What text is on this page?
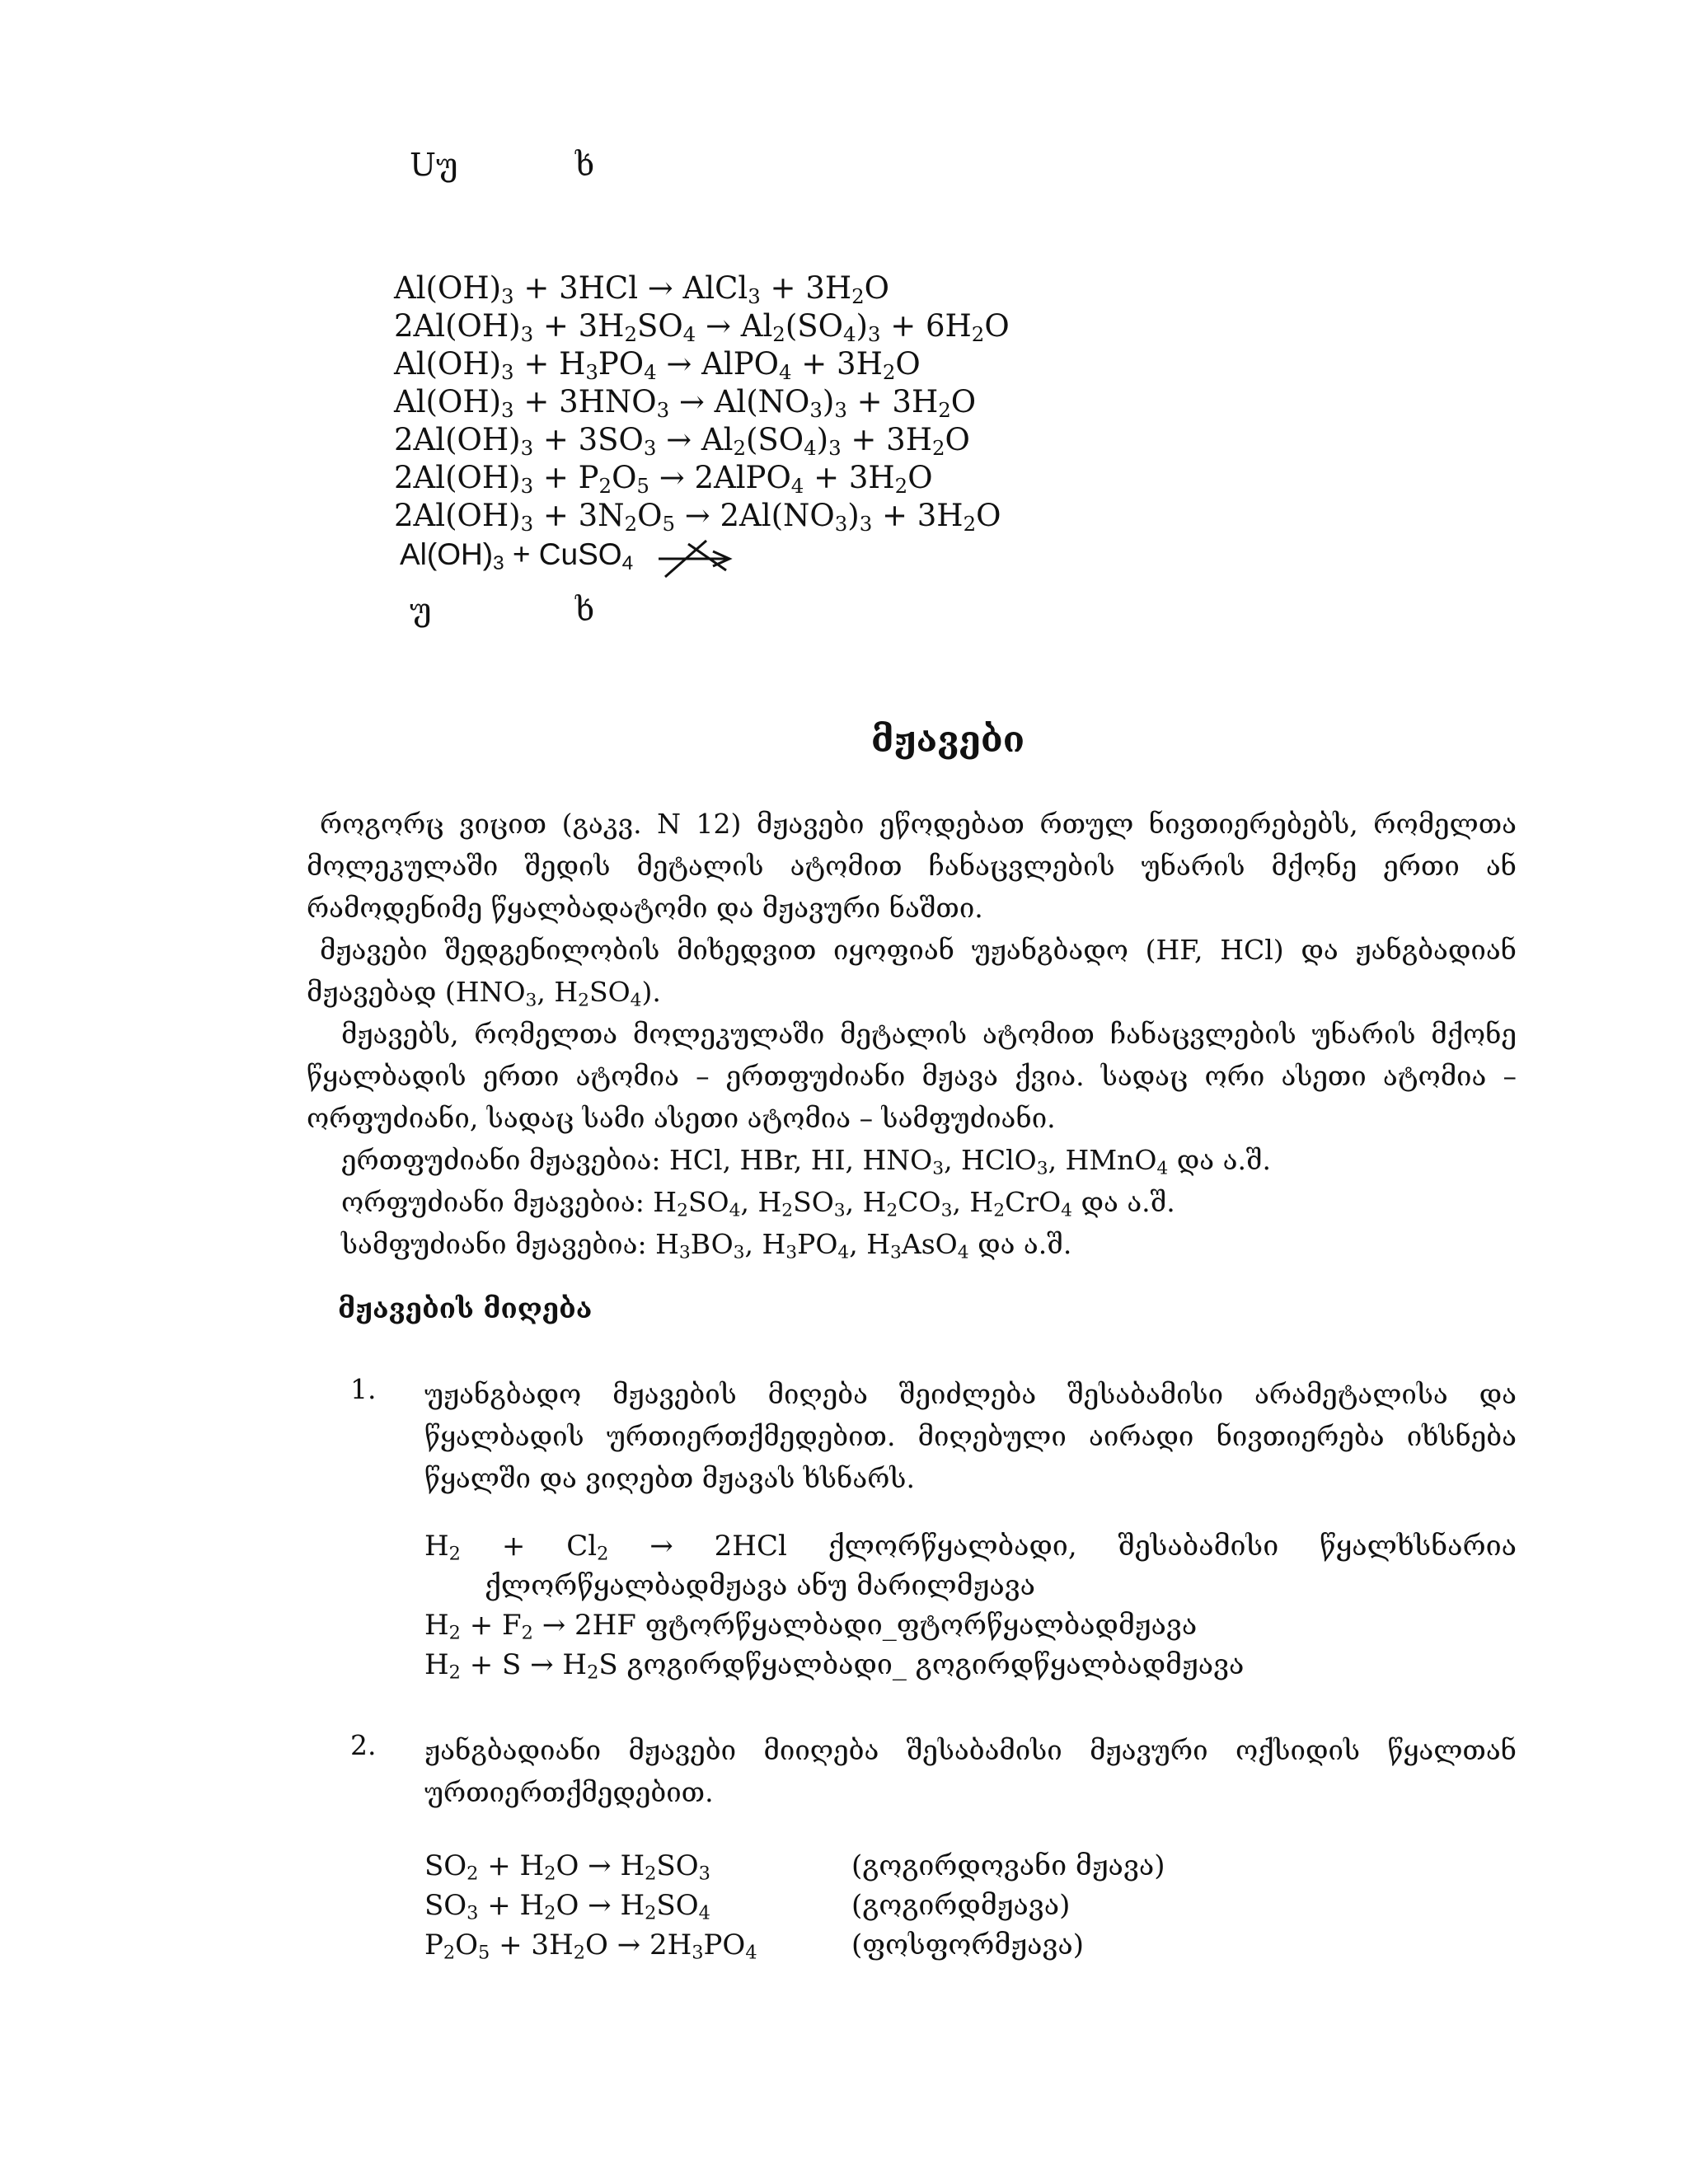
Uუ	ხ
$Al(OH)_3 + 3HCl$ → AlCl$_3$ + $3H_2O$
$2Al(OH)_3 + 3H_2SO_4 \to Al_2(SO_4)_3 + 6H_2O$
$Al(OH)_3 + H_3PO_4$ → AlPO$_4$ + $3H_2O$
$Al(OH)_3 + 3HNO_3 \to Al(NO_3)_3 + 3H_2O$
$2Al(OH)_3 + 3SO_3 \to Al_2(SO_4)_3 + 3H_2O$
$2Al(OH)_3 + P_2O_5$ → 2AlPO$_4$ + $3H_2O$
$2Al(OH)_3 + 3N_2O_5 \to 2Al(NO_3)_3 + 3H_2O$
$Al(OH)_3$ + CuSO$_4$
უ	ხ
მჟავები
როგორც ვიცით (გაკვ. N 12) მჟავები ეწოდებათ რთულ ნივთიერებებს, რომელთა მოლეკულაში შედის მეტალის ატომით ჩანაცვლების უნარის მქონე ერთი ან რამოდენიმე წყალბადატომი და მჟავური ნაშთი.
მჟავები შედგენილობის მიხედვით იყოფიან უჟანგბადო (HF, HCl) და ჟანგბადიან მჟავებად ($HNO_3$, $H_2SO_4$).
მჟავებს, რომელთა მოლეკულაში მეტალის ატომით ჩანაცვლების უნარის მქონე წყალბადის ერთი ატომია – ერთფუძიანი მჟავა ქვია. სადაც ორი ასეთი ატომია – ორფუძიანი, სადაც სამი ასეთი ატომია – სამფუძიანი.
ერთფუძიანი მჟავებია: HCl, HBr, HI, $HNO_3$, HClO$_3$, HMnO$_4$ და ა.შ.
ორფუძიანი მჟავებია: $H_2SO_4$, $H_2SO_3$, $H_2CO_3$, $H_2CrO_4$ და ა.შ.
სამფუძიანი მჟავებია: $H_3BO_3$, $H_3PO_4$, $H_3AsO_4$ და ა.შ.
მჟავების მიღება
1. უჟანგბადო მჟავების მიღება შეიძლება შესაბამისი არამეტალისა და წყალბადის ურთიერთქმედებით. მიღებული აირადი ნივთიერება იხსნება წყალში და ვიღებთ მჟავას ხსნარს.
$H_2 + Cl_2 \to 2HCl$ ქლორწყალბადი, შესაბამისი წყალხსნარია
ქლორწყალბადმჟავა ანუ მარილმჟავა
$H_2 + F_2 \to 2HF$ ფტორწყალბადი_ფტორწყალბადმჟავა
$H_2 + S \to H_2S$ გოგირდწყალბადი_ გოგირდწყალბადმჟავა
2. ჟანგბადიანი მჟავები მიიღება შესაბამისი მჟავური ოქსიდის წყალთან ურთიერთქმედებით.
$SO_2 + H_2O \to H_2SO_3$	(გოგირდოვანი მჟავა)
$SO_3 + H_2O \to H_2SO_4$	(გოგირდმჟავა)
$P_2O_5 + 3H_2O \to 2H_3PO_4$	(ფოსფორმჟავა)
